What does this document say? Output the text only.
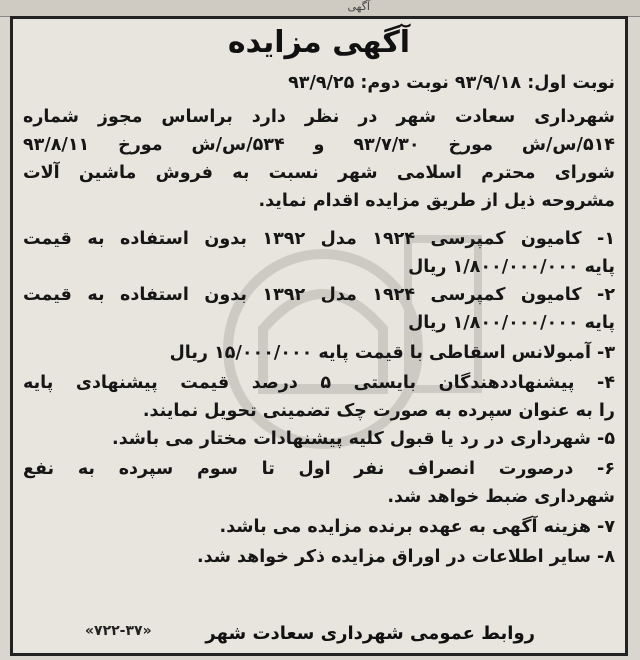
آگهی
آگهی مزایده
نوبت اول: ۹۳/۹/۱۸ نوبت دوم: ۹۳/۹/۲۵
شهرداری سعادت شهر در نظر دارد براساس مجوز شماره
۵۱۴/س/ش مورخ ۹۳/۷/۳۰ و ۵۳۴/س/ش مورخ ۹۳/۸/۱۱
شورای محترم اسلامی شهر نسبت به فروش ماشین آلات
مشروحه ذیل از طریق مزایده اقدام نماید.
۱- کامیون کمپرسی ۱۹۲۴ مدل ۱۳۹۲ بدون استفاده به قیمت
پایه ۱/۸۰۰/۰۰۰/۰۰۰ ریال
۲- کامیون کمپرسی ۱۹۲۴ مدل ۱۳۹۲ بدون استفاده به قیمت
پایه ۱/۸۰۰/۰۰۰/۰۰۰ ریال
۳- آمبولانس اسقاطی با قیمت پایه ۱۵/۰۰۰/۰۰۰ ریال
۴- پیشنهاددهندگان بایستی ۵ درصد قیمت پیشنهادی پایه
را به عنوان سپرده به صورت چک تضمینی تحویل نمایند.
۵- شهرداری در رد یا قبول کلیه پیشنهادات مختار می باشد.
۶- درصورت انصراف نفر اول تا سوم سپرده به نفع
شهرداری ضبط خواهد شد.
۷- هزینه آگهی به عهده برنده مزایده می باشد.
۸- سایر اطلاعات در اوراق مزایده ذکر خواهد شد.
«۷۲۲-۳۷»	روابط عمومی شهرداری سعادت شهر
